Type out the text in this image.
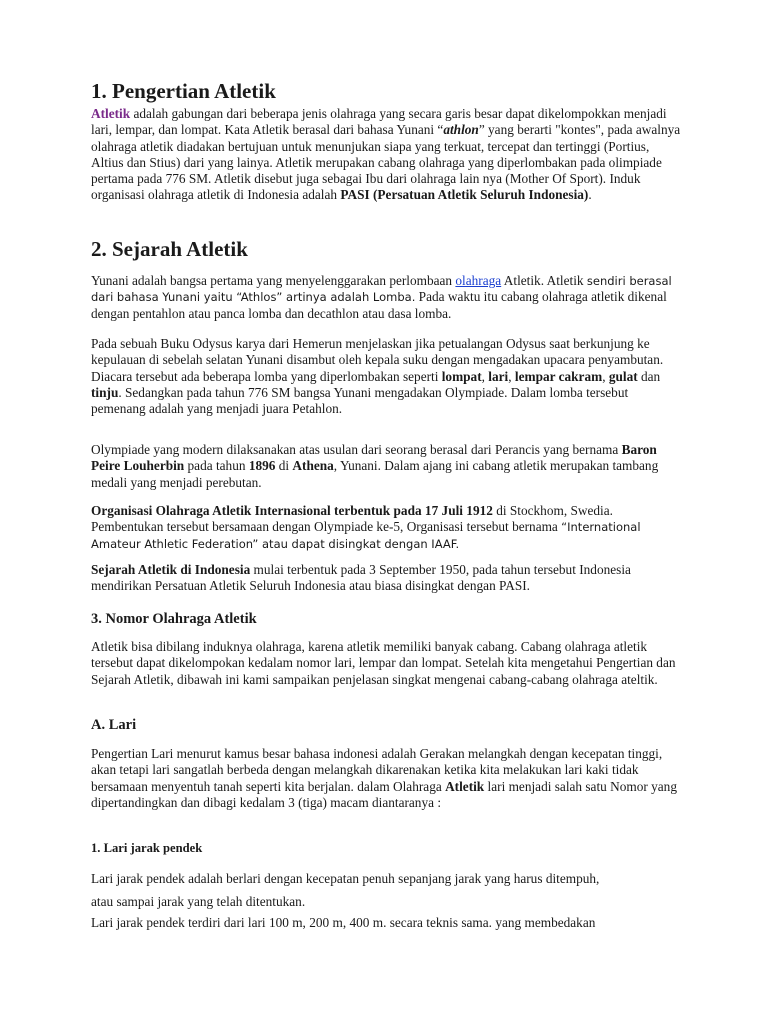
1. Pengertian Atletik

Atletik adalah gabungan dari beberapa jenis olahraga yang secara garis besar dapat dikelompokkan menjadi lari, lempar, dan lompat. Kata Atletik berasal dari bahasa Yunani “athlon” yang berarti "kontes", pada awalnya olahraga atletik diadakan bertujuan untuk menunjukan siapa yang terkuat, tercepat dan tertinggi (Portius, Altius dan Stius) dari yang lainya. Atletik merupakan cabang olahraga yang diperlombakan pada olimpiade pertama pada 776 SM. Atletik disebut juga sebagai Ibu dari olahraga lain nya (Mother Of Sport). Induk organisasi olahraga atletik di Indonesia adalah PASI (Persatuan Atletik Seluruh Indonesia).

2. Sejarah Atletik

Yunani adalah bangsa pertama yang menyelenggarakan perlombaan olahraga Atletik. Atletik sendiri berasal dari bahasa Yunani yaitu “Athlos” artinya adalah Lomba. Pada waktu itu cabang olahraga atletik dikenal dengan pentahlon atau panca lomba dan decathlon atau dasa lomba.

Pada sebuah Buku Odysus karya dari Hemerun menjelaskan jika petualangan Odysus saat berkunjung ke kepulauan di sebelah selatan Yunani disambut oleh kepala suku dengan mengadakan upacara penyambutan. Diacara tersebut ada beberapa lomba yang diperlombakan seperti lompat, lari, lempar cakram, gulat dan tinju. Sedangkan pada tahun 776 SM bangsa Yunani mengadakan Olympiade. Dalam lomba tersebut pemenang adalah yang menjadi juara Petahlon.

Olympiade yang modern dilaksanakan atas usulan dari seorang berasal dari Perancis yang bernama Baron Peire Louherbin pada tahun 1896 di Athena, Yunani. Dalam ajang ini cabang atletik merupakan tambang medali yang menjadi perebutan.

Organisasi Olahraga Atletik Internasional terbentuk pada 17 Juli 1912 di Stockhom, Swedia. Pembentukan tersebut bersamaan dengan Olympiade ke-5, Organisasi tersebut bernama “International Amateur Athletic Federation” atau dapat disingkat dengan IAAF.

Sejarah Atletik di Indonesia mulai terbentuk pada 3 September 1950, pada tahun tersebut Indonesia mendirikan Persatuan Atletik Seluruh Indonesia atau biasa disingkat dengan PASI.

3. Nomor Olahraga Atletik

Atletik bisa dibilang induknya olahraga, karena atletik memiliki banyak cabang. Cabang olahraga atletik tersebut dapat dikelompokan kedalam nomor lari, lempar dan lompat. Setelah kita mengetahui Pengertian dan Sejarah Atletik, dibawah ini kami sampaikan penjelasan singkat mengenai cabang-cabang olahraga ateltik.

A. Lari

Pengertian Lari menurut kamus besar bahasa indonesi adalah Gerakan melangkah dengan kecepatan tinggi, akan tetapi lari sangatlah berbeda dengan melangkah dikarenakan ketika kita melakukan lari kaki tidak bersamaan menyentuh tanah seperti kita berjalan. dalam Olahraga Atletik lari menjadi salah satu Nomor yang dipertandingkan dan dibagi kedalam 3 (tiga) macam diantaranya :

1. Lari jarak pendek

Lari jarak pendek adalah berlari dengan kecepatan penuh sepanjang jarak yang harus ditempuh,

atau sampai jarak yang telah ditentukan.

Lari jarak pendek terdiri dari lari 100 m, 200 m, 400 m. secara teknis sama. yang membedakan
